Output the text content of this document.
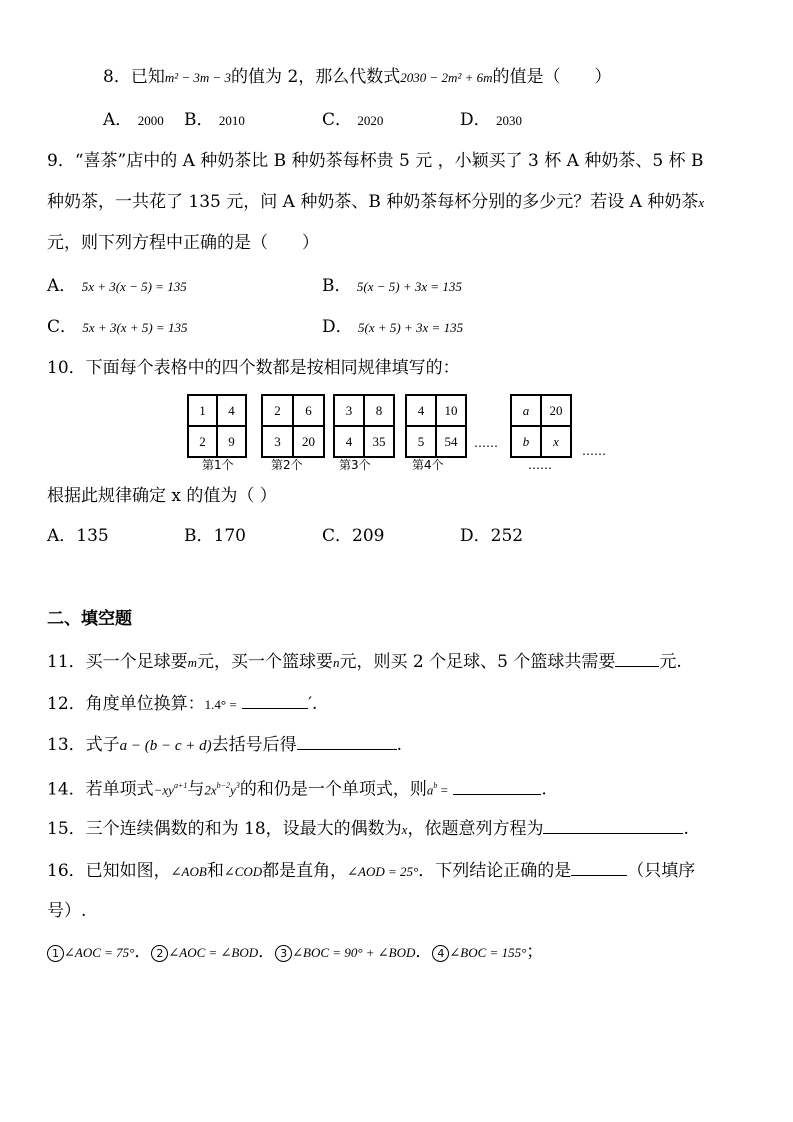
8．已知m² − 3m − 3的值为 2，那么代数式2030 − 2m² + 6m的值是（　　）
A． 2000 B． 2010	C． 2020	D． 2030
9．“喜茶”店中的 A 种奶茶比 B 种奶茶每杯贵 5 元 ，小颖买了 3 杯 A 种奶茶、5 杯 B
种奶茶，一共花了 135 元，问 A 种奶茶、B 种奶茶每杯分别的多少元？若设 A 种奶茶x
元，则下列方程中正确的是（　　）
A． 5x + 3(x − 5) = 135	B． 5(x − 5) + 3x = 135
C． 5x + 3(x + 5) = 135	D． 5(x + 5) + 3x = 135
10．下面每个表格中的四个数都是按相同规律填写的：
1	4
2	9
第1个
2	6
3	20
第2个
3	8
4	35
第3个
4	10
5	54
第4个
……
a	20
b	x
……
……
根据此规律确定 x 的值为（ ）
A．135	B．170	C．209	D．252
二、填空题
11．买一个足球要m元，买一个篮球要n元，则买 2 个足球、5 个篮球共需要	元.
12．角度单位换算：1.4° =	′.
13．式子a − (b − c + d)去括号后得	.
14．若单项式$-xy^{a+1}$与$2x^{b-2}y^3$的和仍是一个单项式，则$a^b$ =	.
15．三个连续偶数的和为 18，设最大的偶数为x，依题意列方程为	.
16．已知如图，∠AOB和∠COD都是直角，∠AOD = 25°．下列结论正确的是	（只填序
号）.
1 ∠AOC = 75°． 2 ∠AOC = ∠BOD． 3 ∠BOC = 90° + ∠BOD． 4 ∠BOC = 155°；
